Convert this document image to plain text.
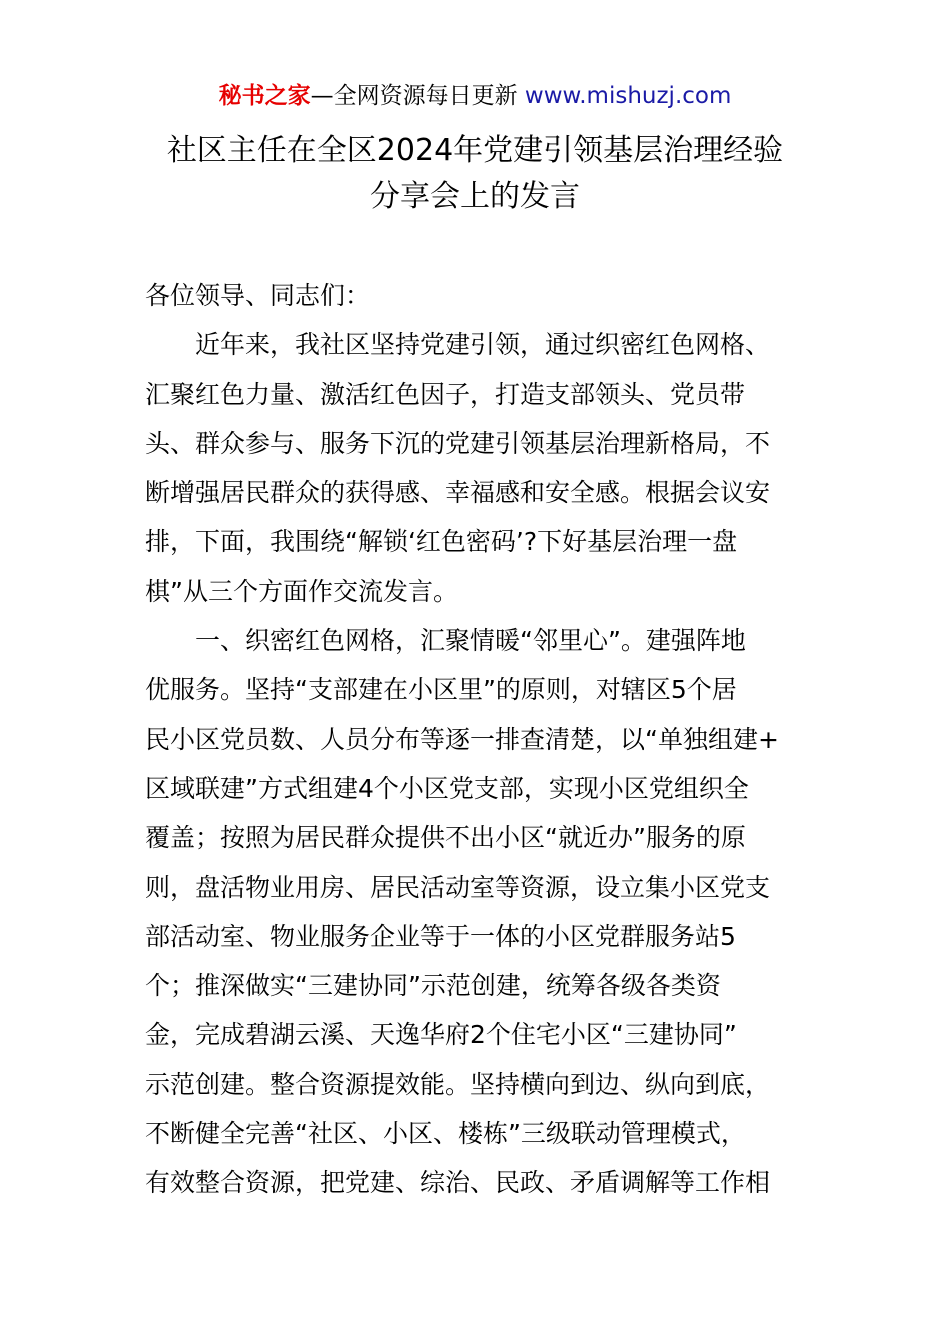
秘书之家—全网资源每日更新 www.mishuzj.com
社区主任在全区2024年党建引领基层治理经验
分享会上的发言

各位领导、同志们：

　　近年来，我社区坚持党建引领，通过织密红色网格、

汇聚红色力量、激活红色因子，打造支部领头、党员带

头、群众参与、服务下沉的党建引领基层治理新格局，不

断增强居民群众的获得感、幸福感和安全感。根据会议安

排，下面，我围绕“解锁‘红色密码’?下好基层治理一盘

棋”从三个方面作交流发言。

　　一、织密红色网格，汇聚情暖“邻里心”。建强阵地

优服务。坚持“支部建在小区里”的原则，对辖区5个居

民小区党员数、人员分布等逐一排查清楚，以“单独组建+

区域联建”方式组建4个小区党支部，实现小区党组织全

覆盖；按照为居民群众提供不出小区“就近办”服务的原

则，盘活物业用房、居民活动室等资源，设立集小区党支

部活动室、物业服务企业等于一体的小区党群服务站5

个；推深做实“三建协同”示范创建，统筹各级各类资

金，完成碧湖云溪、天逸华府2个住宅小区“三建协同”

示范创建。整合资源提效能。坚持横向到边、纵向到底，

不断健全完善“社区、小区、楼栋”三级联动管理模式，

有效整合资源，把党建、综治、民政、矛盾调解等工作相
